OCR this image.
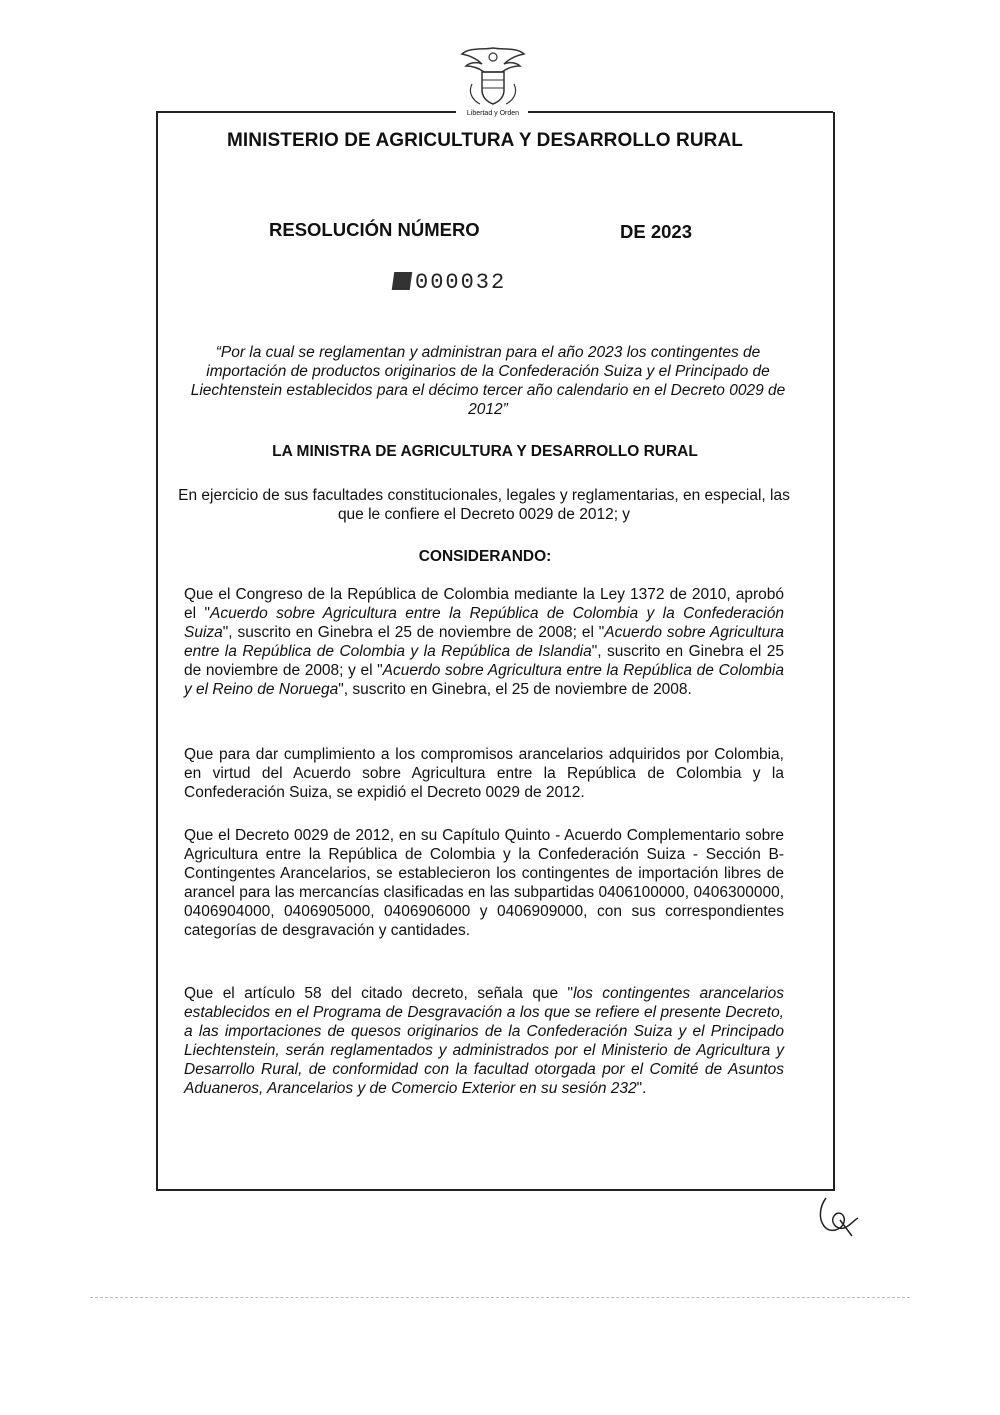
Libertad y Orden
MINISTERIO DE AGRICULTURA Y DESARROLLO RURAL
RESOLUCIÓN NÚMERO	DE 2023
000032
“Por la cual se reglamentan y administran para el año 2023 los contingentes de importación de productos originarios de la Confederación Suiza y el Principado de Liechtenstein establecidos para el décimo tercer año calendario en el Decreto 0029 de 2012”
LA MINISTRA DE AGRICULTURA Y DESARROLLO RURAL
En ejercicio de sus facultades constitucionales, legales y reglamentarias, en especial, las que le confiere el Decreto 0029 de 2012; y
CONSIDERANDO:
Que el Congreso de la República de Colombia mediante la Ley 1372 de 2010, aprobó el "Acuerdo sobre Agricultura entre la República de Colombia y la Confederación Suiza", suscrito en Ginebra el 25 de noviembre de 2008; el "Acuerdo sobre Agricultura entre la República de Colombia y la República de Islandia", suscrito en Ginebra el 25 de noviembre de 2008; y el "Acuerdo sobre Agricultura entre la República de Colombia y el Reino de Noruega", suscrito en Ginebra, el 25 de noviembre de 2008.
Que para dar cumplimiento a los compromisos arancelarios adquiridos por Colombia, en virtud del Acuerdo sobre Agricultura entre la República de Colombia y la Confederación Suiza, se expidió el Decreto 0029 de 2012.
Que el Decreto 0029 de 2012, en su Capítulo Quinto - Acuerdo Complementario sobre Agricultura entre la República de Colombia y la Confederación Suiza - Sección B-Contingentes Arancelarios, se establecieron los contingentes de importación libres de arancel para las mercancías clasificadas en las subpartidas 0406100000, 0406300000, 0406904000, 0406905000, 0406906000 y 0406909000, con sus correspondientes categorías de desgravación y cantidades.
Que el artículo 58 del citado decreto, señala que "los contingentes arancelarios establecidos en el Programa de Desgravación a los que se refiere el presente Decreto, a las importaciones de quesos originarios de la Confederación Suiza y el Principado Liechtenstein, serán reglamentados y administrados por el Ministerio de Agricultura y Desarrollo Rural, de conformidad con la facultad otorgada por el Comité de Asuntos Aduaneros, Arancelarios y de Comercio Exterior en su sesión 232".
